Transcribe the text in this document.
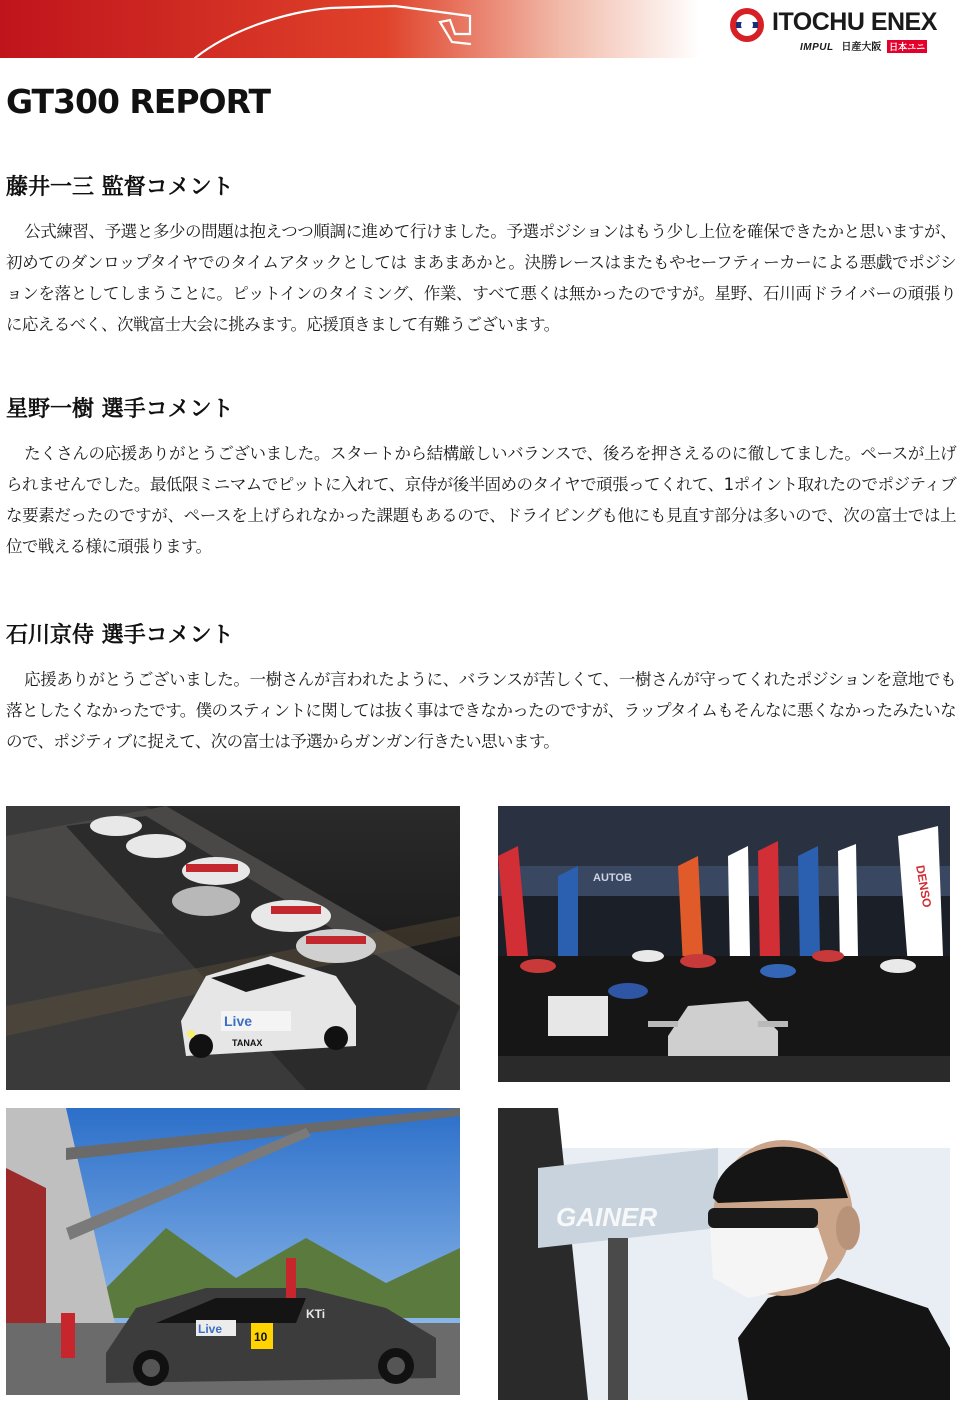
ITOCHU ENEX
IMPUL 日産大阪 日本ユニ
GT300 REPORT
藤井一三 監督コメント

公式練習、予選と多少の問題は抱えつつ順調に進めて行けました。予選ポジションはもう少し上位を確保できたかと思いますが、初めてのダンロップタイヤでのタイムアタックとしては まあまあかと。決勝レースはまたもやセーフティーカーによる悪戯でポジションを落としてしまうことに。ピットインのタイミング、作業、すべて悪くは無かったのですが。星野、石川両ドライバーの頑張りに応えるべく、次戦富士大会に挑みます。応援頂きまして有難うございます。

星野一樹 選手コメント

たくさんの応援ありがとうございました。スタートから結構厳しいバランスで、後ろを押さえるのに徹してました。ペースが上げられませんでした。最低限ミニマムでピットに入れて、京侍が後半固めのタイヤで頑張ってくれて、1ポイント取れたのでポジティブな要素だったのですが、ペースを上げられなかった課題もあるので、ドライビングも他にも見直す部分は多いので、次の富士では上位で戦える様に頑張ります。

石川京侍 選手コメント

応援ありがとうございました。一樹さんが言われたように、バランスが苦しくて、一樹さんが守ってくれたポジションを意地でも落としたくなかったです。僕のスティントに関しては抜く事はできなかったのですが、ラップタイムもそんなに悪くなかったみたいなので、ポジティブに捉えて、次の富士は予選からガンガン行きたい思います。

Live
TANAX
DENSO
AUTOB
Live
10
KTi
GAINER
